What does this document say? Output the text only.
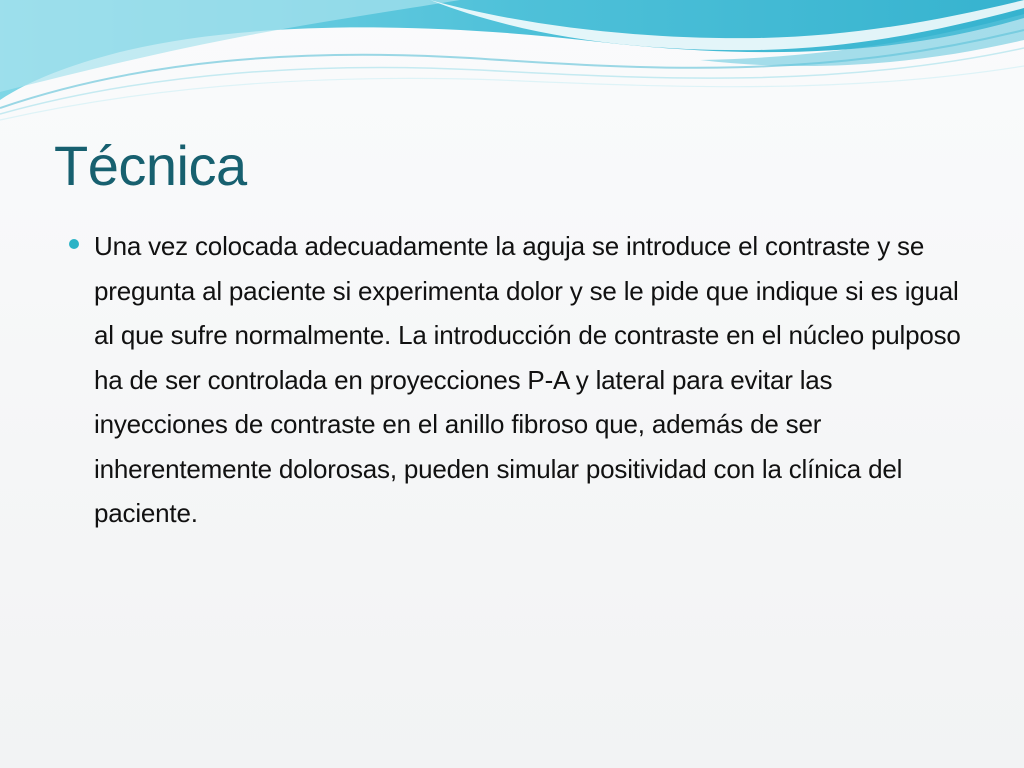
Técnica

Una vez colocada adecuadamente la aguja se introduce el contraste y se pregunta al paciente si experimenta dolor y se le pide que indique si es igual al que sufre normalmente. La introducción de contraste en el núcleo pulposo ha de ser controlada en proyecciones P-A y lateral para evitar las inyecciones de contraste en el anillo fibroso que, además de ser inherentemente dolorosas, pueden simular positividad con la clínica del paciente.
